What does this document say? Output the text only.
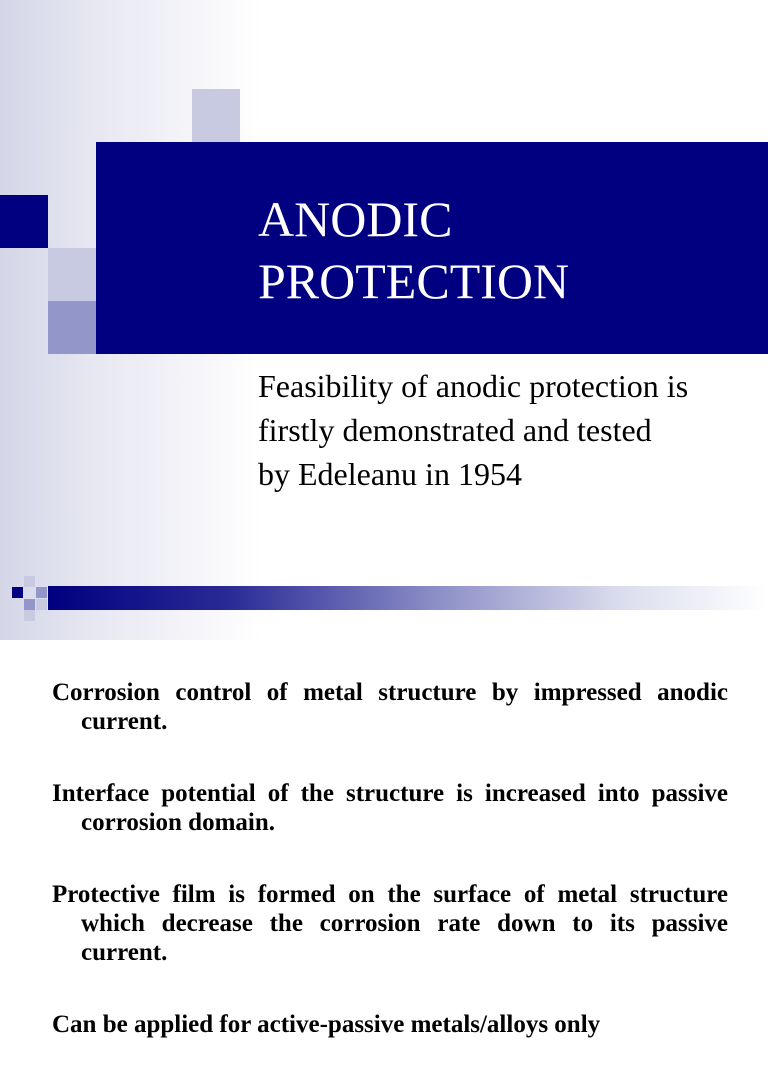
ANODIC
PROTECTION

Feasibility of anodic protection is
firstly demonstrated and tested
by Edeleanu in 1954

Corrosion control of metal structure by impressed anodic current.
Interface potential of the structure is increased into passive corrosion domain.
Protective film is formed on the surface of metal structure which decrease the corrosion rate down to its passive current.
Can be applied for active-passive metals/alloys only
